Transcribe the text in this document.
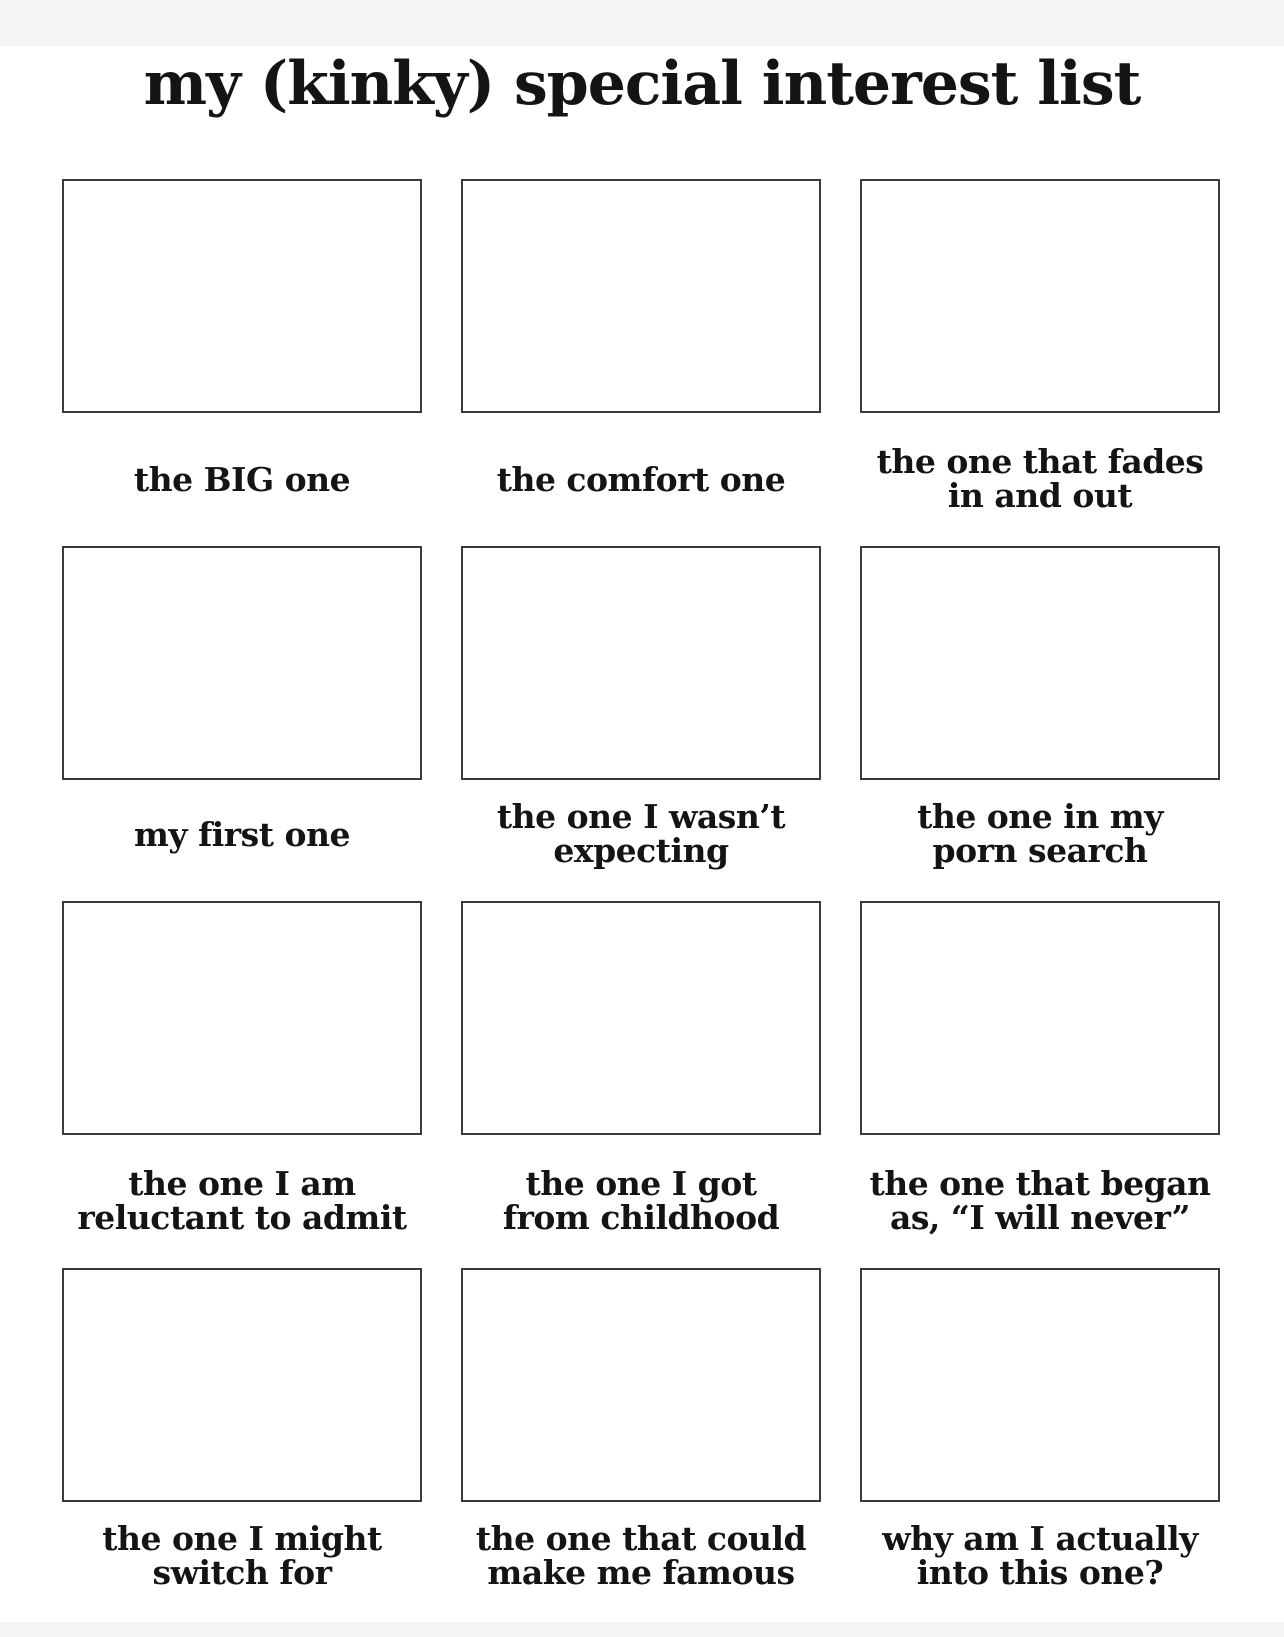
my (kinky) special interest list

the BIG one	the comfort one	the one that fades
in and out

my first one	the one I wasn’t
expecting

the one in my
porn search

the one I am
reluctant to admit

the one I got
from childhood

the one that began
as, “I will never”

the one I might
switch for

the one that could
make me famous

why am I actually
into this one?
